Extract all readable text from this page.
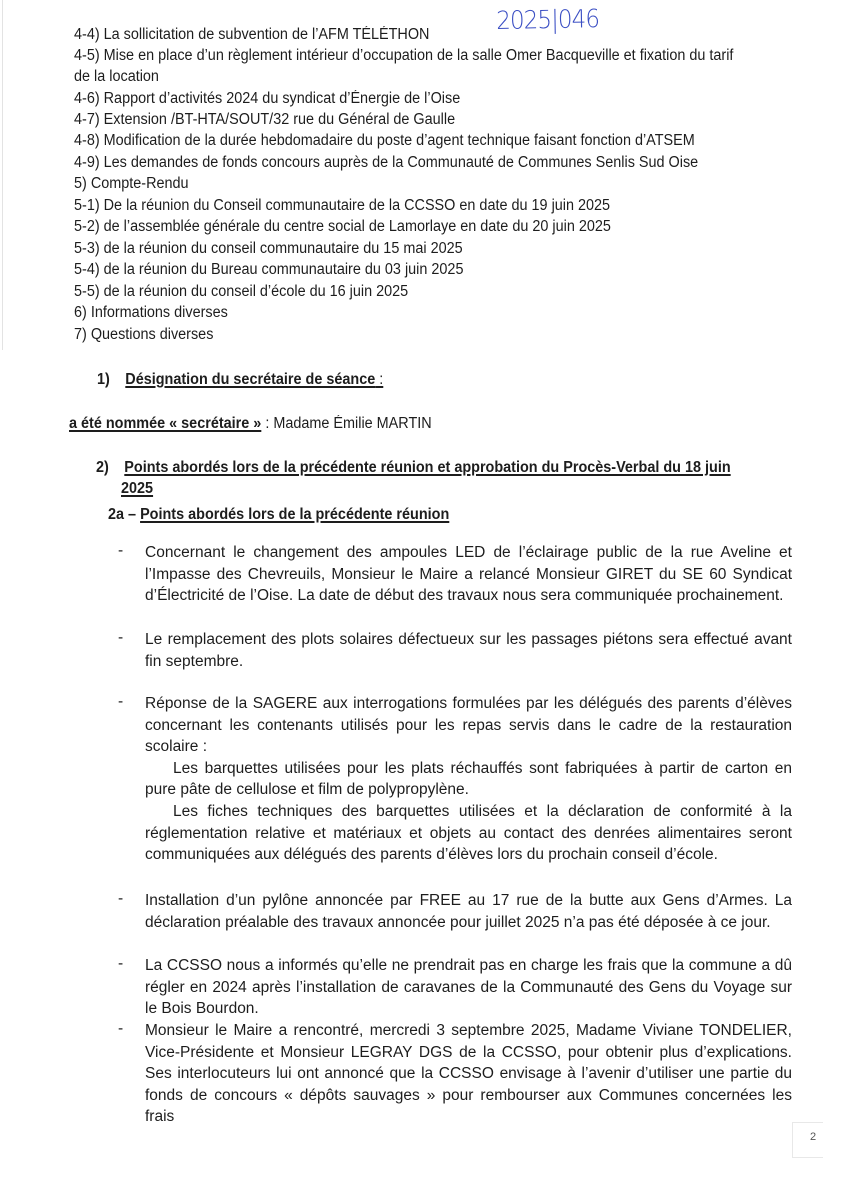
2025|046
4-4) La sollicitation de subvention de l’AFM TÉLÉTHON
4-5) Mise en place d’un règlement intérieur d’occupation de la salle Omer Bacqueville et fixation du tarif
de la location
4-6) Rapport d’activités 2024 du syndicat d’Énergie de l’Oise
4-7) Extension /BT-HTA/SOUT/32 rue du Général de Gaulle
4-8) Modification de la durée hebdomadaire du poste d’agent technique faisant fonction d’ATSEM
4-9) Les demandes de fonds concours auprès de la Communauté de Communes Senlis Sud Oise
5) Compte-Rendu
5-1) De la réunion du Conseil communautaire de la CCSSO en date du 19 juin 2025
5-2) de l’assemblée générale du centre social de Lamorlaye en date du 20 juin 2025
5-3) de la réunion du conseil communautaire du 15 mai 2025
5-4) de la réunion du Bureau communautaire du 03 juin 2025
5-5) de la réunion du conseil d’école du 16 juin 2025
6) Informations diverses
7) Questions diverses
1) Désignation du secrétaire de séance :
a été nommée « secrétaire » : Madame Émilie MARTIN
2) Points abordés lors de la précédente réunion et approbation du Procès-Verbal du 18 juin
2025
2a – Points abordés lors de la précédente réunion
- Concernant le changement des ampoules LED de l’éclairage public de la rue Aveline et l’Impasse des Chevreuils, Monsieur le Maire a relancé Monsieur GIRET du SE 60 Syndicat d’Électricité de l’Oise. La date de début des travaux nous sera communiquée prochainement.

- Le remplacement des plots solaires défectueux sur les passages piétons sera effectué avant fin septembre.

- Réponse de la SAGERE aux interrogations formulées par les délégués des parents d’élèves concernant les contenants utilisés pour les repas servis dans le cadre de la restauration scolaire :

Les barquettes utilisées pour les plats réchauffés sont fabriquées à partir de carton en pure pâte de cellulose et film de polypropylène.

Les fiches techniques des barquettes utilisées et la déclaration de conformité à la réglementation relative et matériaux et objets au contact des denrées alimentaires seront communiquées aux délégués des parents d’élèves lors du prochain conseil d’école.

- Installation d’un pylône annoncée par FREE au 17 rue de la butte aux Gens d’Armes. La déclaration préalable des travaux annoncée pour juillet 2025 n’a pas été déposée à ce jour.

- La CCSSO nous a informés qu’elle ne prendrait pas en charge les frais que la commune a dû régler en 2024 après l’installation de caravanes de la Communauté des Gens du Voyage sur le Bois Bourdon.

- Monsieur le Maire a rencontré, mercredi 3 septembre 2025, Madame Viviane TONDELIER, Vice-Présidente et Monsieur LEGRAY DGS de la CCSSO, pour obtenir plus d’explications. Ses interlocuteurs lui ont annoncé que la CCSSO envisage à l’avenir d’utiliser une partie du fonds de concours « dépôts sauvages » pour rembourser aux Communes concernées les frais

2
